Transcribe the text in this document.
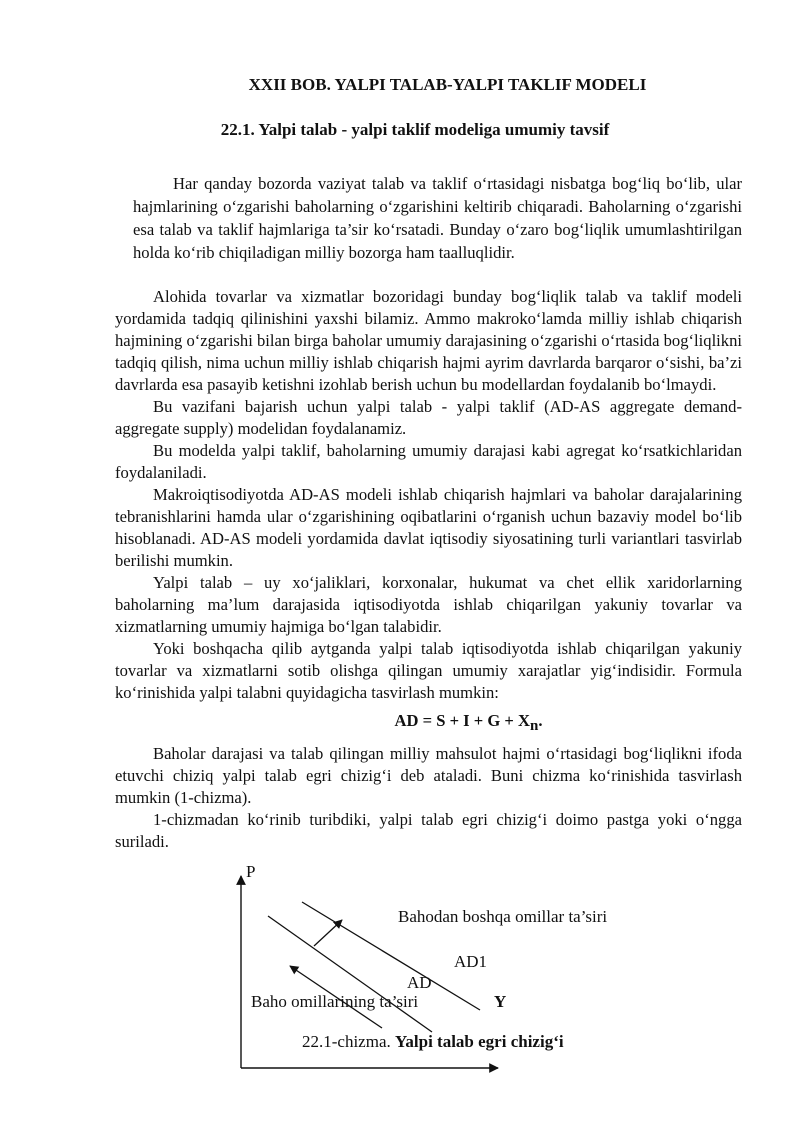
XXII BOB. YALPI TALAB-YALPI TAKLIF MODELI
22.1. Yalpi talab - yalpi taklif modeliga umumiy tavsif

Har qanday bozorda vaziyat talab va taklif o‘rtasidagi nisbatga bog‘liq bo‘lib, ular hajmlarining o‘zgarishi baholarning o‘zgarishini keltirib chiqaradi. Baholarning o‘zgarishi esa talab va taklif hajmlariga ta’sir ko‘rsatadi. Bunday o‘zaro bog‘liqlik umumlashtirilgan holda ko‘rib chiqiladigan milliy bozorga ham taalluqlidir.

Alohida tovarlar va xizmatlar bozoridagi bunday bog‘liqlik talab va taklif modeli yordamida tadqiq qilinishini yaxshi bilamiz. Ammo makroko‘lamda milliy ishlab chiqarish hajmining o‘zgarishi bilan birga baholar umumiy darajasining o‘zgarishi o‘rtasida bog‘liqlikni tadqiq qilish, nima uchun milliy ishlab chiqarish hajmi ayrim davrlarda barqaror o‘sishi, ba’zi davrlarda esa pasayib ketishni izohlab berish uchun bu modellardan foydalanib bo‘lmaydi.

Bu vazifani bajarish uchun yalpi talab - yalpi taklif (AD-AS aggregate demand- aggregate supply) modelidan foydalanamiz.

Bu modelda yalpi taklif, baholarning umumiy darajasi kabi agregat ko‘rsatkichlaridan foydalaniladi.

Makroiqtisodiyotda AD-AS modeli ishlab chiqarish hajmlari va baholar darajalarining tebranishlarini hamda ular o‘zgarishining oqibatlarini o‘rganish uchun bazaviy model bo‘lib hisoblanadi. AD-AS modeli yordamida davlat iqtisodiy siyosatining turli variantlari tasvirlab berilishi mumkin.

Yalpi talab – uy xo‘jaliklari, korxonalar, hukumat va chet ellik xaridorlarning baholarning ma’lum darajasida iqtisodiyotda ishlab chiqarilgan yakuniy tovarlar va xizmatlarning umumiy hajmiga bo‘lgan talabidir.

Yoki boshqacha qilib aytganda yalpi talab iqtisodiyotda ishlab chiqarilgan yakuniy tovarlar va xizmatlarni sotib olishga qilingan umumiy xarajatlar yig‘indisidir. Formula ko‘rinishida yalpi talabni quyidagicha tasvirlash mumkin:

AD = $S + I + G + X_n$.

Baholar darajasi va talab qilingan milliy mahsulot hajmi o‘rtasidagi bog‘liqlikni ifoda etuvchi chiziq yalpi talab egri chizig‘i deb ataladi. Buni chizma ko‘rinishida tasvirlash mumkin (1-chizma).

1-chizmadan ko‘rinib turibdiki, yalpi talab egri chizig‘i doimo pastga yoki o‘ngga suriladi.

P
Bahodan boshqa omillar ta’siri
AD1
AD
Baho omillarining ta’siri	Y
22.1-chizma. Yalpi talab egri chizig‘i
